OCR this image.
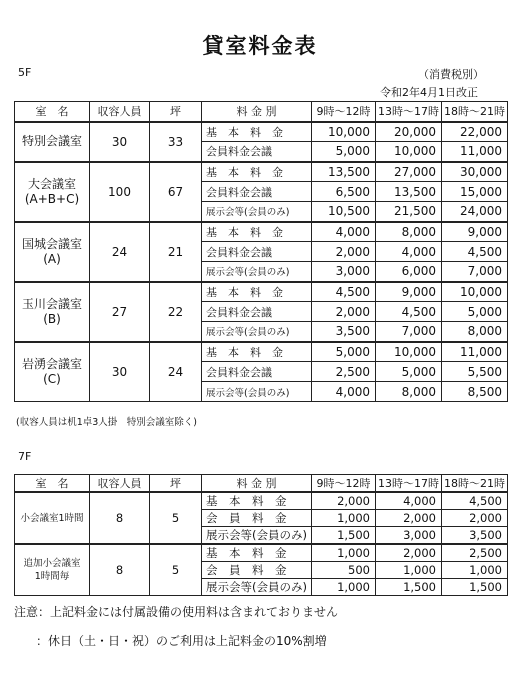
貸室料金表
5F	（消費税別）
令和2年4月1日改正
室　名	収容人員	坪	料 金 別	9時〜12時	13時〜17時	18時〜21時
特別会議室	30	33	基　本　料　金	10,000	20,000	22,000
			会員料金会議	5,000	10,000	11,000
大会議室
(A+B+C)	100	67	基　本　料　金	13,500	27,000	30,000
			会員料金会議	6,500	13,500	15,000
			展示会等(会員のみ)	10,500	21,500	24,000
国城会議室
(A)	24	21	基　本　料　金	4,000	8,000	9,000
			会員料金会議	2,000	4,000	4,500
			展示会等(会員のみ)	3,000	6,000	7,000
玉川会議室
(B)	27	22	基　本　料　金	4,500	9,000	10,000
			会員料金会議	2,000	4,500	5,000
			展示会等(会員のみ)	3,500	7,000	8,000
岩湧会議室
(C)	30	24	基　本　料　金	5,000	10,000	11,000
			会員料金会議	2,500	5,000	5,500
			展示会等(会員のみ)	4,000	8,000	8,500
(収容人員は机1卓3人掛　特別会議室除く)
7F
室　名	収容人員	坪	料 金 別	9時〜12時	13時〜17時	18時〜21時
小会議室1時間	8	5	基　本　料　金	2,000	4,000	4,500
			会　員　料　金	1,000	2,000	2,000
			展示会等(会員のみ)	1,500	3,000	3,500
追加小会議室
1時間毎	8	5	基　本　料　金	1,000	2,000	2,500
			会　員　料　金	500	1,000	1,000
			展示会等(会員のみ)	1,000	1,500	1,500
注意：上記料金には付属設備の使用料は含まれておりません
：休日（土・日・祝）のご利用は上記料金の10%割増
